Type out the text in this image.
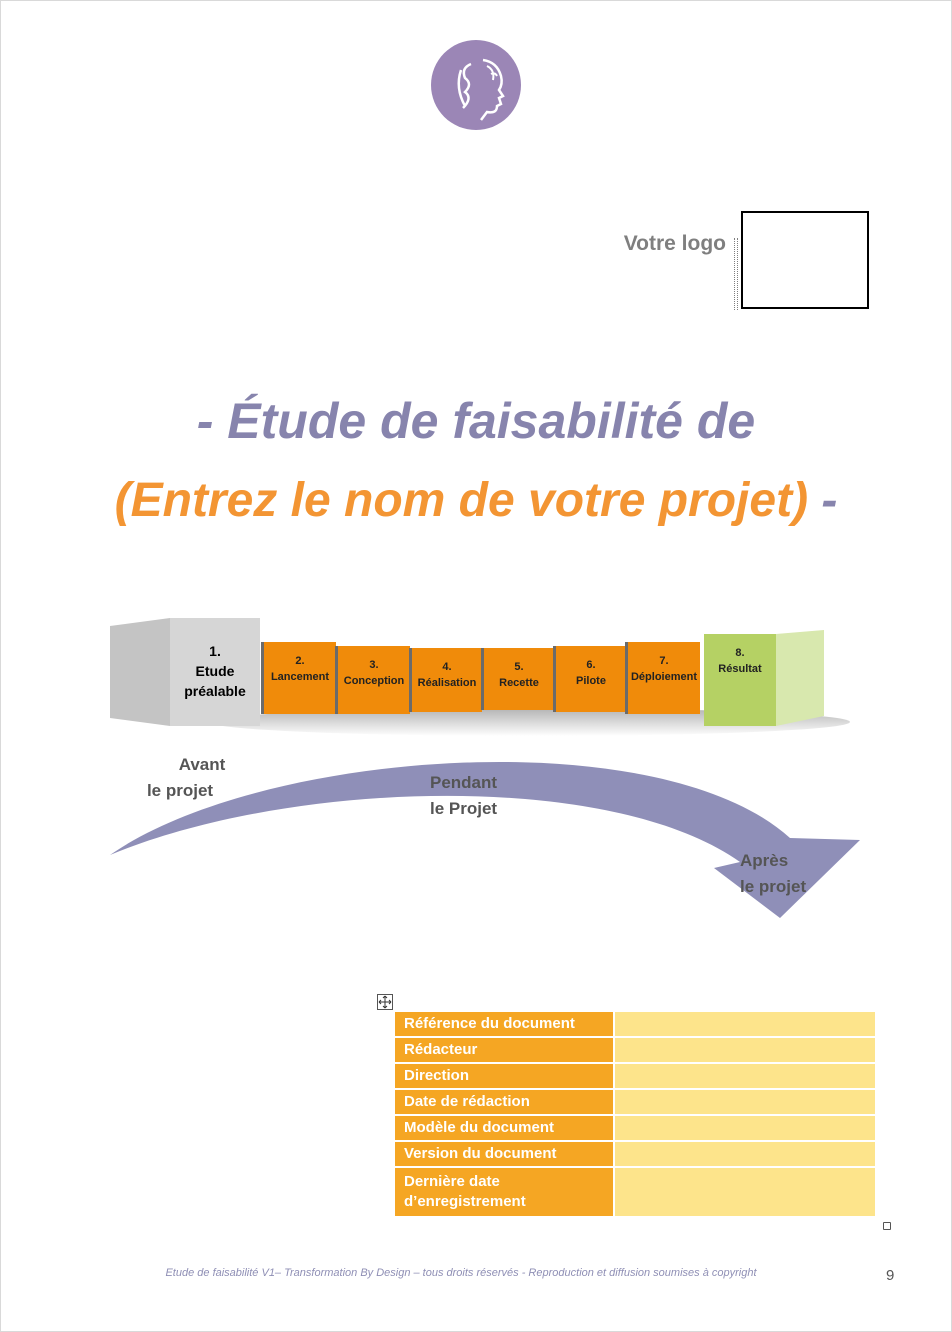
Votre logo
- Étude de faisabilité de
(Entrez le nom de votre projet) -
1.
Etude
préalable
2.
Lancement
3.
Conception
4.
Réalisation
5.
Recette
6.
Pilote
7.
Déploiement
8.
Résultat
Avant
le projet	Pendant
le Projet
Après
le projet
Référence du document	
Rédacteur	
Direction	
Date de rédaction	
Modèle du document	
Version du document	
Dernière date d’enregistrement	
Etude de faisabilité V1– Transformation By Design – tous droits réservés - Reproduction et diffusion soumises à copyright	9
